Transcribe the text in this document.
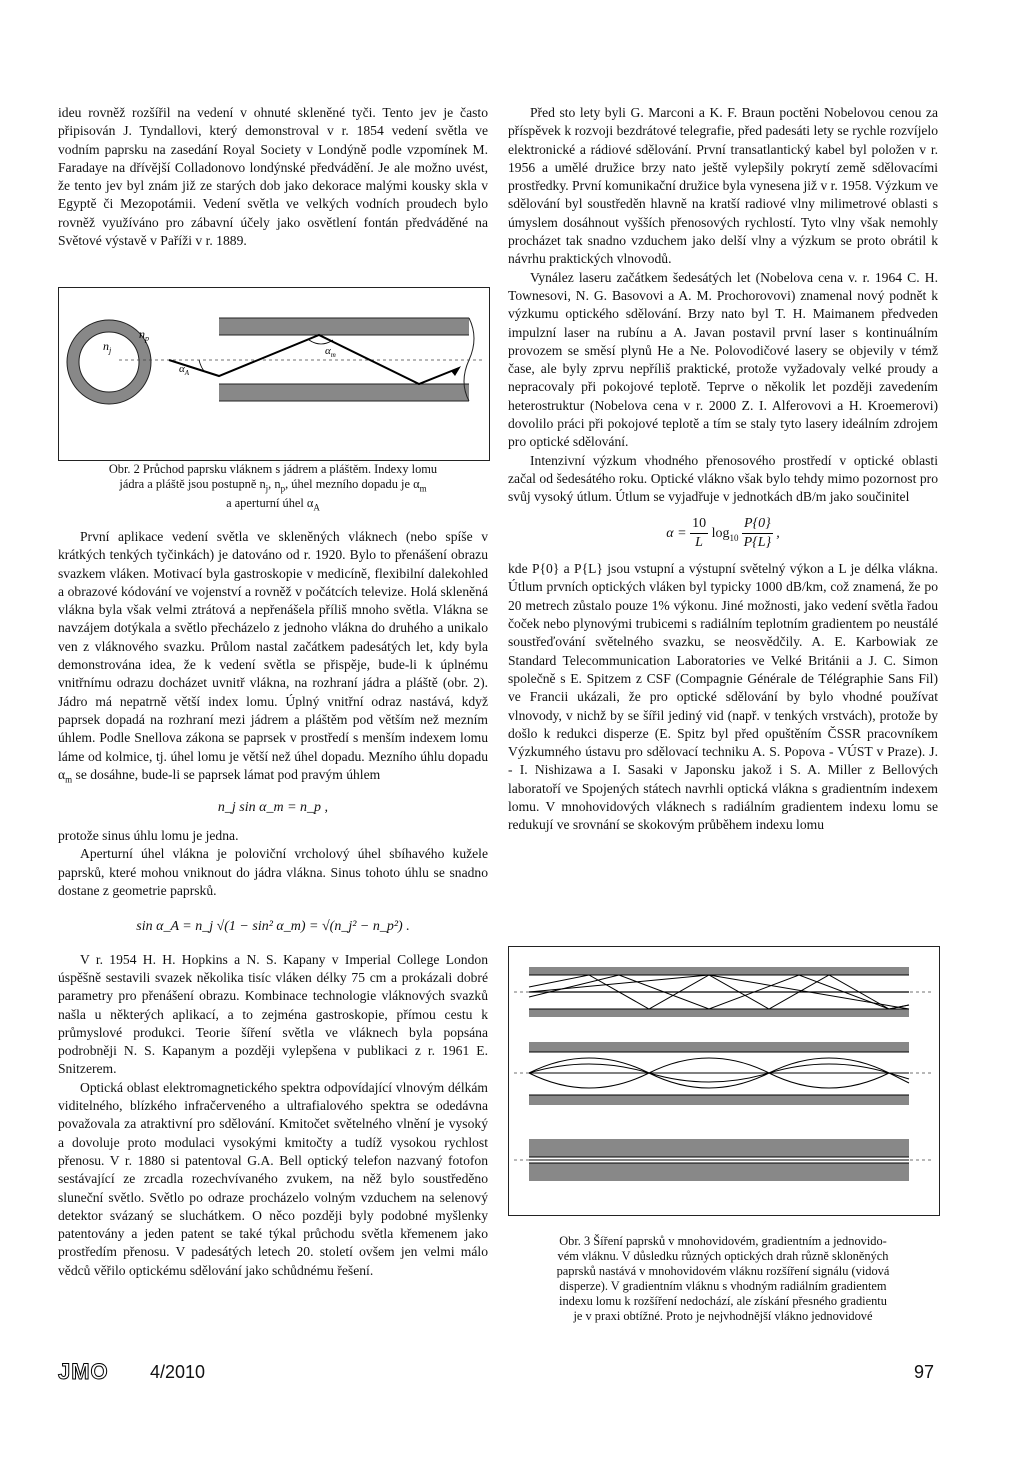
ideu rovněž rozšířil na vedení v ohnuté skleněné tyči. Tento jev je často připisován J. Tyndallovi, který demonstroval v r. 1854 vedení světla ve vodním paprsku na zasedání Royal Society v Londýně podle vzpomínek M. Faradaye na dřívější Colladonovo londýnské předvádění. Je ale možno uvést, že tento jev byl znám již ze starých dob jako dekorace malými kousky skla v Egyptě či Mezopotámii. Vedení světla ve velkých vodních proudech bylo rovněž využíváno pro zábavní účely jako osvětlení fontán předváděné na Světové výstavě v Paříži v r. 1889.

$n_p$
$n_j$
$\alpha_A$
$\alpha_m$
Obr. 2 Průchod paprsku vláknem s jádrem a pláštěm. Indexy lomu
jádra a pláště jsou postupně $n_j$, $n_p$, úhel mezního dopadu je $\alpha_m$
a aperturní úhel $\alpha_A$

První aplikace vedení světla ve skleněných vláknech (nebo spíše v krátkých tenkých tyčinkách) je datováno od r. 1920. Bylo to přenášení obrazu svazkem vláken. Motivací byla gastroskopie v medicíně, flexibilní dalekohled a obrazové kódování ve vojenství a rovněž v počátcích televize. Holá skleněná vlákna byla však velmi ztrátová a nepřenášela příliš mnoho světla. Vlákna se navzájem dotýkala a světlo přecházelo z jednoho vlákna do druhého a unikalo ven z vláknového svazku. Průlom nastal začátkem padesátých let, kdy byla demonstrována idea, že k vedení světla se přispěje, bude-li k úplnému vnitřnímu odrazu docházet uvnitř vlákna, na rozhraní jádra a pláště (obr. 2). Jádro má nepatrně větší index lomu. Úplný vnitřní odraz nastává, když paprsek dopadá na rozhraní mezi jádrem a pláštěm pod větším než mezním úhlem. Podle Snellova zákona se paprsek v prostředí s menším indexem lomu láme od kolmice, tj. úhel lomu je větší než úhel dopadu. Mezního úhlu dopadu $\alpha_m$ se dosáhne, bude-li se paprsek lámat pod pravým úhlem

n_j sin α_m = n_p ,

protože sinus úhlu lomu je jedna.

Aperturní úhel vlákna je poloviční vrcholový úhel sbíhavého kužele paprsků, které mohou vniknout do jádra vlákna. Sinus tohoto úhlu se snadno dostane z geometrie paprsků.

sin α_A = n_j √(1 − sin² α_m) = √(n_j² − n_p²) .

V r. 1954 H. H. Hopkins a N. S. Kapany v Imperial College London úspěšně sestavili svazek několika tisíc vláken délky 75 cm a prokázali dobré parametry pro přenášení obrazu. Kombinace technologie vláknových svazků našla u některých aplikací, a to zejména gastroskopie, přímou cestu k průmyslové produkci. Teorie šíření světla ve vláknech byla popsána podrobněji N. S. Kapanym a později vylepšena v publikaci z r. 1961 E. Snitzerem.

Optická oblast elektromagnetického spektra odpovídající vlnovým délkám viditelného, blízkého infračerveného a ultrafialového spektra se odedávna považovala za atraktivní pro sdělování. Kmitočet světelného vlnění je vysoký a dovoluje proto modulaci vysokými kmitočty a tudíž vysokou rychlost přenosu. V r. 1880 si patentoval G.A. Bell optický telefon nazvaný fotofon sestávající ze zrcadla rozechvívaného zvukem, na něž bylo soustředěno sluneční světlo. Světlo po odraze procházelo volným vzduchem na selenový detektor svázaný se sluchátkem. O něco později byly podobné myšlenky patentovány a jeden patent se také týkal průchodu světla křemenem jako prostředím přenosu. V padesátých letech 20. století ovšem jen velmi málo vědců věřilo optickému sdělování jako schůdnému řešení.

Před sto lety byli G. Marconi a K. F. Braun poctěni Nobelovou cenou za příspěvek k rozvoji bezdrátové telegrafie, před padesáti lety se rychle rozvíjelo elektronické a rádiové sdělování. První transatlantický kabel byl položen v r. 1956 a umělé družice brzy nato ještě vylepšily pokrytí země sdělovacími prostředky. První komunikační družice byla vynesena již v r. 1958. Výzkum ve sdělování byl soustředěn hlavně na kratší radiové vlny milimetrové oblasti s úmyslem dosáhnout vyšších přenosových rychlostí. Tyto vlny však nemohly procházet tak snadno vzduchem jako delší vlny a výzkum se proto obrátil k návrhu praktických vlnovodů.

Vynález laseru začátkem šedesátých let (Nobelova cena v. r. 1964 C. H. Townesovi, N. G. Basovovi a A. M. Prochorovovi) znamenal nový podnět k výzkumu optického sdělování. Brzy nato byl T. H. Maimanem předveden impulzní laser na rubínu a A. Javan postavil první laser s kontinuálním provozem se směsí plynů He a Ne. Polovodičové lasery se objevily v témž čase, ale byly zprvu nepříliš praktické, protože vyžadovaly velké proudy a nepracovaly při pokojové teplotě. Teprve o několik let později zavedením heterostruktur (Nobelova cena v r. 2000 Z. I. Alferovovi a H. Kroemerovi) dovolilo práci při pokojové teplotě a tím se staly tyto lasery ideálním zdrojem pro optické sdělování.

Intenzivní výzkum vhodného přenosového prostředí v optické oblasti začal od šedesátého roku. Optické vlákno však bylo tehdy mimo pozornost pro svůj vysoký útlum. Útlum se vyjadřuje v jednotkách dB/m jako součinitel

$\alpha = \frac{10}{L} \log_{10} \frac{P\{0\}}{P\{L\}}$ ,

kde P{0} a P{L} jsou vstupní a výstupní světelný výkon a L je délka vlákna. Útlum prvních optických vláken byl typicky 1000 dB/km, což znamená, že po 20 metrech zůstalo pouze 1% výkonu. Jiné možnosti, jako vedení světla řadou čoček nebo plynovými trubicemi s radiálním teplotním gradientem po neustálé soustřeďování světelného svazku, se neosvědčily. A. E. Karbowiak ze Standard Telecommunication Laboratories ve Velké Británii a J. C. Simon společně s E. Spitzem z CSF (Compagnie Générale de Télégraphie Sans Fil) ve Francii ukázali, že pro optické sdělování by bylo vhodné používat vlnovody, v nichž by se šířil jediný vid (např. v tenkých vrstvách), protože by došlo k redukci disperze (E. Spitz byl před opuštěním ČSSR pracovníkem Výzkumného ústavu pro sdělovací techniku A. S. Popova - VÚST v Praze). J. - I. Nishizawa a I. Sasaki v Japonsku jakož i S. A. Miller z Bellových laboratoří ve Spojených státech navrhli optická vlákna s gradientním indexem lomu. V mnohovidových vláknech s radiálním gradientem indexu lomu se redukují ve srovnání se skokovým průběhem indexu lomu

Obr. 3 Šíření paprsků v mnohovidovém, gradientním a jednovido-
vém vláknu. V důsledku různých optických drah různě skloněných
paprsků nastává v mnohovidovém vláknu rozšíření signálu (vidová
disperze). V gradientním vláknu s vhodným radiálním gradientem
indexu lomu k rozšíření nedochází, ale získání přesného gradientu
je v praxi obtížné. Proto je nejvhodnější vlákno jednovidové
JMO 4/2010	97
